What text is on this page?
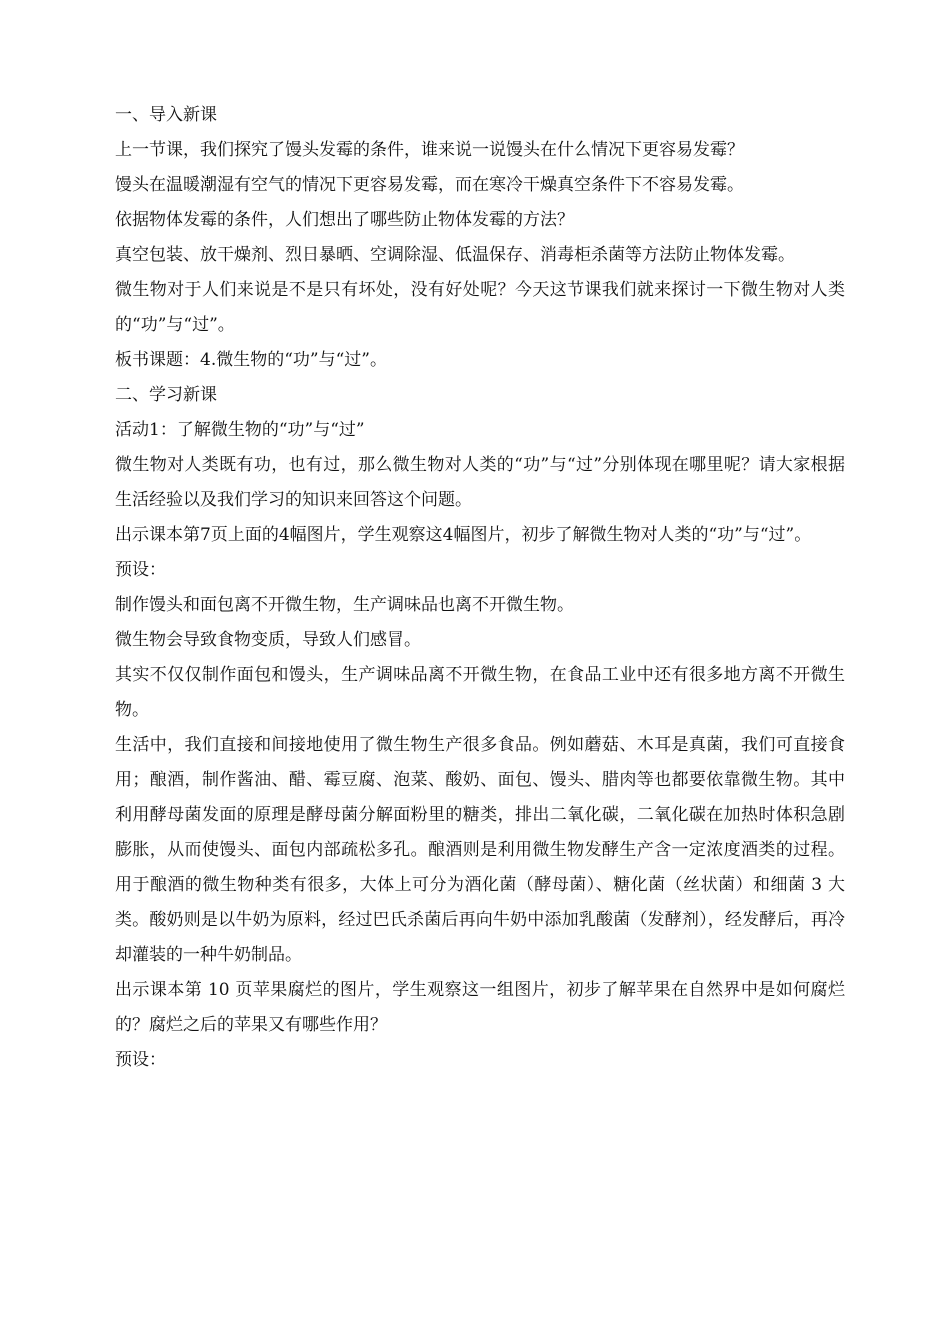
一、导入新课

上一节课，我们探究了馒头发霉的条件，谁来说一说馒头在什么情况下更容易发霉？

馒头在温暖潮湿有空气的情况下更容易发霉，而在寒冷干燥真空条件下不容易发霉。

依据物体发霉的条件，人们想出了哪些防止物体发霉的方法？

真空包装、放干燥剂、烈日暴晒、空调除湿、低温保存、消毒柜杀菌等方法防止物体发霉。

微生物对于人们来说是不是只有坏处，没有好处呢？今天这节课我们就来探讨一下微生物对人类的“功”与“过”。

板书课题：4.微生物的“功”与“过”。

二、学习新课

活动1：了解微生物的“功”与“过”

微生物对人类既有功，也有过，那么微生物对人类的“功”与“过”分别体现在哪里呢？请大家根据生活经验以及我们学习的知识来回答这个问题。

出示课本第7页上面的4幅图片，学生观察这4幅图片，初步了解微生物对人类的“功”与“过”。

预设：

制作馒头和面包离不开微生物，生产调味品也离不开微生物。

微生物会导致食物变质，导致人们感冒。

其实不仅仅制作面包和馒头，生产调味品离不开微生物，在食品工业中还有很多地方离不开微生物。

生活中，我们直接和间接地使用了微生物生产很多食品。例如蘑菇、木耳是真菌，我们可直接食用；酿酒，制作酱油、醋、霉豆腐、泡菜、酸奶、面包、馒头、腊肉等也都要依靠微生物。其中利用酵母菌发面的原理是酵母菌分解面粉里的糖类，排出二氧化碳，二氧化碳在加热时体积急剧膨胀，从而使馒头、面包内部疏松多孔。酿酒则是利用微生物发酵生产含一定浓度酒类的过程。用于酿酒的微生物种类有很多，大体上可分为酒化菌（酵母菌）、糖化菌（丝状菌）和细菌 3 大类。酸奶则是以牛奶为原料，经过巴氏杀菌后再向牛奶中添加乳酸菌（发酵剂），经发酵后，再冷却灌装的一种牛奶制品。

出示课本第 10 页苹果腐烂的图片，学生观察这一组图片，初步了解苹果在自然界中是如何腐烂的？腐烂之后的苹果又有哪些作用？

预设：
